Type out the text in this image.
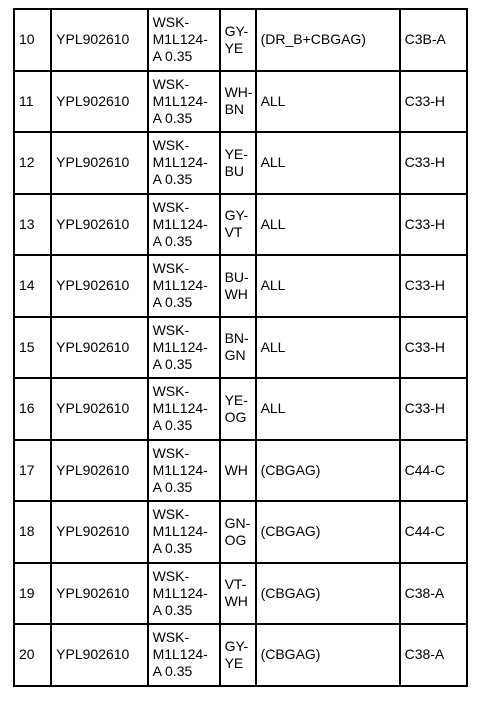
10	YPL902610	WSK-
M1L124-
A 0.35	GY-
YE	(DR_B+CBGAG)	C3B-A
11	YPL902610	WSK-
M1L124-
A 0.35	WH-
BN	ALL	C33-H
12	YPL902610	WSK-
M1L124-
A 0.35	YE-
BU	ALL	C33-H
13	YPL902610	WSK-
M1L124-
A 0.35	GY-
VT	ALL	C33-H
14	YPL902610	WSK-
M1L124-
A 0.35	BU-
WH	ALL	C33-H
15	YPL902610	WSK-
M1L124-
A 0.35	BN-
GN	ALL	C33-H
16	YPL902610	WSK-
M1L124-
A 0.35	YE-
OG	ALL	C33-H
17	YPL902610	WSK-
M1L124-
A 0.35	WH	(CBGAG)	C44-C
18	YPL902610	WSK-
M1L124-
A 0.35	GN-
OG	(CBGAG)	C44-C
19	YPL902610	WSK-
M1L124-
A 0.35	VT-
WH	(CBGAG)	C38-A
20	YPL902610	WSK-
M1L124-
A 0.35	GY-
YE	(CBGAG)	C38-A
